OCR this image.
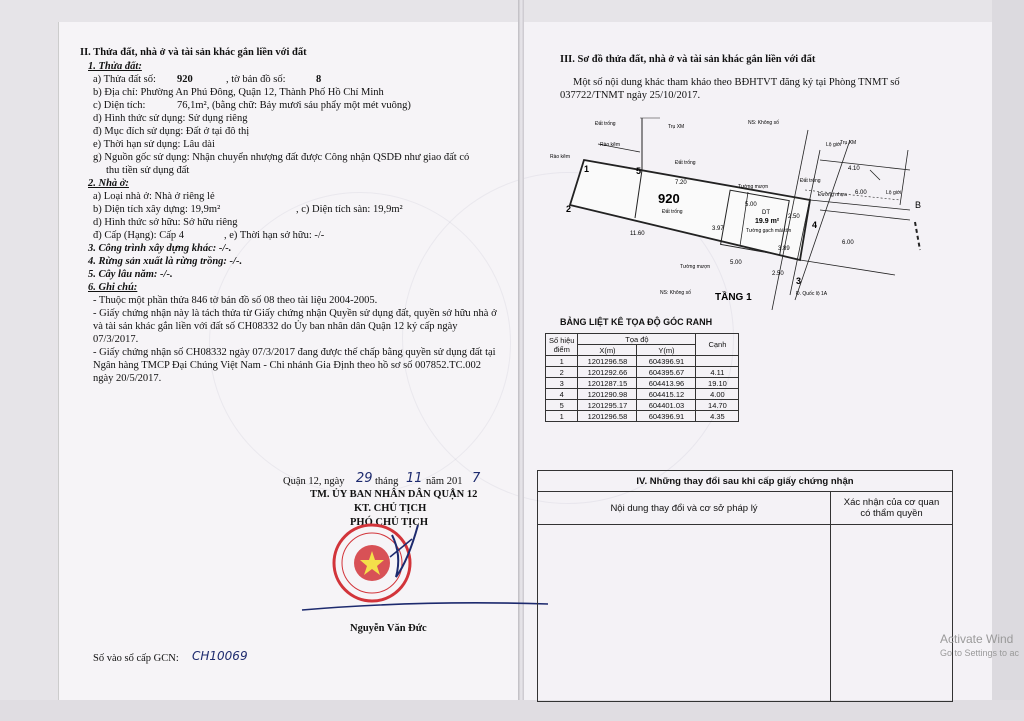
II. Thửa đất, nhà ở và tài sản khác gắn liền với đất
1. Thửa đất:
a) Thửa đất số: 920	, tờ bản đồ số:	8
b) Địa chỉ: Phường An Phú Đông, Quận 12, Thành Phố Hồ Chí Minh
c) Diện tích:	76,1m², (bằng chữ: Bảy mươi sáu phẩy một mét vuông)
d) Hình thức sử dụng: Sử dụng riêng
đ) Mục đích sử dụng: Đất ở tại đô thị
e) Thời hạn sử dụng: Lâu dài
g) Nguồn gốc sử dụng: Nhận chuyển nhượng đất được Công nhận QSDĐ như giao đất có
thu tiền sử dụng đất
2. Nhà ở:
a) Loại nhà ở: Nhà ở riêng lẻ
b) Diện tích xây dựng: 19,9m²	, c) Diện tích sàn: 19,9m²
d) Hình thức sở hữu: Sở hữu riêng
đ) Cấp (Hạng): Cấp 4	, e) Thời hạn sở hữu: -/-
3. Công trình xây dựng khác: -/-.
4. Rừng sản xuất là rừng trồng: -/-.
5. Cây lâu năm: -/-.
6. Ghi chú:
- Thuộc một phần thửa 846 tờ bản đồ số 08 theo tài liệu 2004-2005.
- Giấy chứng nhận này là tách thửa từ Giấy chứng nhận Quyền sử dụng đất, quyền sở hữu nhà ở và tài sản khác gắn liền với đất số CH08332 do Ủy ban nhân dân Quận 12 ký cấp ngày 07/3/2017.
- Giấy chứng nhận số CH08332 ngày 07/3/2017 đang được thế chấp bằng quyền sử dụng đất tại Ngân hàng TMCP Đại Chúng Việt Nam - Chi nhánh Gia Định theo hồ sơ số 007852.TC.002 ngày 20/5/2017.
Quận 12, ngày 29 tháng 11 năm 201 7
TM. ỦY BAN NHÂN DÂN QUẬN 12
KT. CHỦ TỊCH
PHÓ CHỦ TỊCH
Nguyễn Văn Đức
Số vào sổ cấp GCN: CH10069
III. Sơ đồ thửa đất, nhà ở và tài sản khác gắn liền với đất
Một số nội dung khác tham khảo theo BĐHTVT đăng ký tại Phòng TNMT số
037722/TNMT ngày 25/10/2017.
920
Đất trống	DT
19.9 m²
Tường gạch mái tôn
Tường mượn
Tường mượn
Trụ XM
NS: Không số
NS: Không số
Rào kẽm
Rào kẽm
Đất trống
Đất trống
Đất trống
Lộ giới
Đường nhựa
Lộ giới
Trụ XM
Đ. Quốc lộ 1A
7.20
5.00
2.50
11.60
5.00
2.50
3.97
3.89
6.00
6.00
4.10
1
2
3
4
5
B
TẦNG 1
BẢNG LIỆT KÊ TỌA ĐỘ GÓC RANH
Số hiệu
điểm	Tọa độ		Cạnh
	X(m)	Y(m)	
1	1201296.58	604396.91	
2	1201292.66	604395.67	4.11
3	1201287.15	604413.96	19.10
4	1201290.98	604415.12	4.00
5	1201295.17	604401.03	14.70
1	1201296.58	604396.91	4.35
IV. Những thay đổi sau khi cấp giấy chứng nhận	
Nội dung thay đổi và cơ sở pháp lý	Xác nhận của cơ quan
có thẩm quyền

Activate Wind
Go to Settings to ac
